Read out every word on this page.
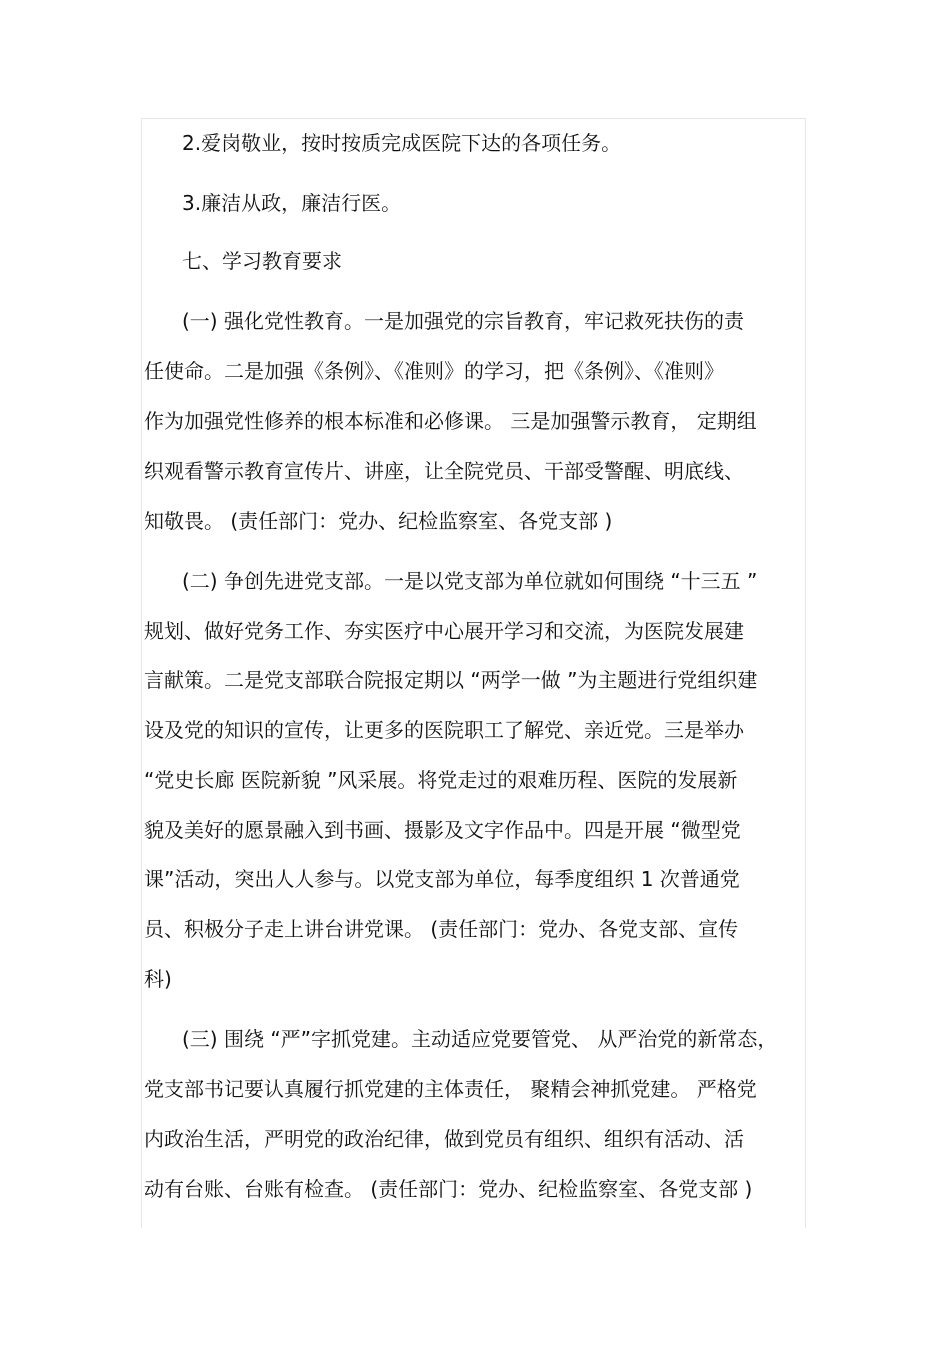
2.爱岗敬业，按时按质完成医院下达的各项任务。
3.廉洁从政，廉洁行医。
七、学习教育要求
(一) 强化党性教育。一是加强党的宗旨教育，牢记救死扶伤的责
任使命。二是加强《条例》、《准则》的学习，把《条例》、《准则》
作为加强党性修养的根本标准和必修课。 三是加强警示教育， 定期组
织观看警示教育宣传片、讲座，让全院党员、干部受警醒、明底线、
知敬畏。 (责任部门：党办、纪检监察室、各党支部 )
(二) 争创先进党支部。一是以党支部为单位就如何围绕 “十三五 ”
规划、做好党务工作、夯实医疗中心展开学习和交流，为医院发展建
言献策。二是党支部联合院报定期以 “两学一做 ”为主题进行党组织建
设及党的知识的宣传，让更多的医院职工了解党、亲近党。三是举办
“党史长廊 医院新貌 ”风采展。将党走过的艰难历程、医院的发展新
貌及美好的愿景融入到书画、摄影及文字作品中。四是开展 “微型党
课”活动，突出人人参与。以党支部为单位，每季度组织 1 次普通党
员、积极分子走上讲台讲党课。 (责任部门：党办、各党支部、宣传
科)
(三) 围绕 “严”字抓党建。主动适应党要管党、 从严治党的新常态，
党支部书记要认真履行抓党建的主体责任， 聚精会神抓党建。 严格党
内政治生活，严明党的政治纪律，做到党员有组织、组织有活动、活
动有台账、台账有检查。 (责任部门：党办、纪检监察室、各党支部 )
